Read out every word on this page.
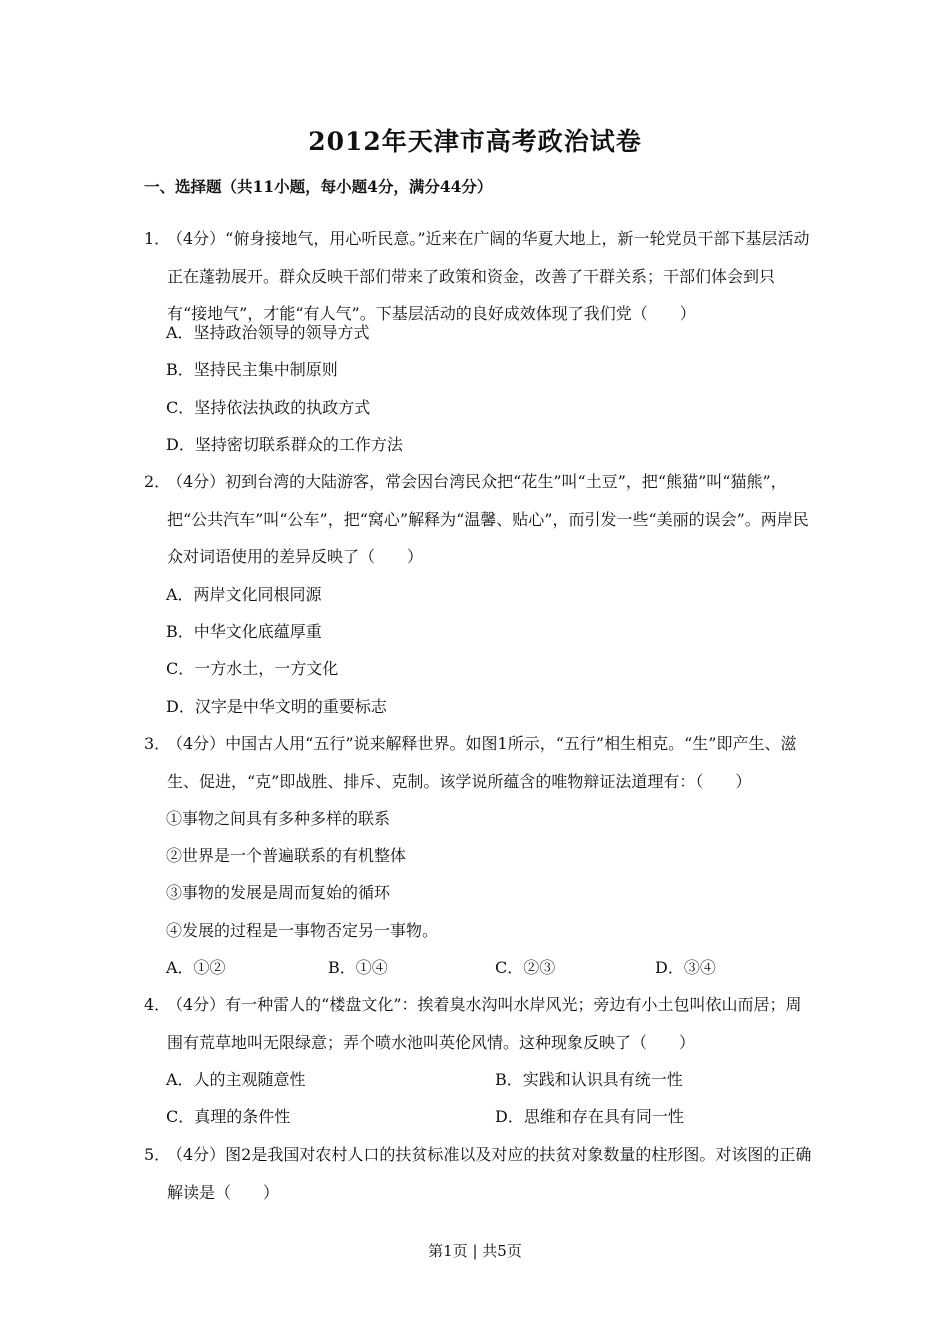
2012年天津市高考政治试卷
一、选择题（共11小题，每小题4分，满分44分）
1．
（4分）“俯身接地气，用心听民意。”近来在广阔的华夏大地上，新一轮党员干部下基层活动正在蓬勃展开。群众反映干部们带来了政策和资金，改善了干群关系；干部们体会到只有“接地气”，才能“有人气”。下基层活动的良好成效体现了我们党（　　）
A．坚持政治领导的领导方式
B．坚持民主集中制原则
C．坚持依法执政的执政方式
D．坚持密切联系群众的工作方法
2．
（4分）初到台湾的大陆游客，常会因台湾民众把“花生”叫“土豆”，把“熊猫”叫“猫熊”，把“公共汽车”叫“公车”，把“窝心”解释为“温馨、贴心”，而引发一些“美丽的误会”。两岸民众对词语使用的差异反映了（　　）
A．两岸文化同根同源
B．中华文化底蕴厚重
C．一方水土，一方文化
D．汉字是中华文明的重要标志
3．
（4分）中国古人用“五行”说来解释世界。如图1所示，“五行”相生相克。“生”即产生、滋生、促进，“克”即战胜、排斥、克制。该学说所蕴含的唯物辩证法道理有：（　　）
①事物之间具有多种多样的联系
②世界是一个普遍联系的有机整体
③事物的发展是周而复始的循环
④发展的过程是一事物否定另一事物。
A．①②	B．①④	C．②③	D．③④
4．
（4分）有一种雷人的“楼盘文化”：挨着臭水沟叫水岸风光；旁边有小土包叫依山而居；周围有荒草地叫无限绿意；弄个喷水池叫英伦风情。这种现象反映了（　　）
A．人的主观随意性	B．实践和认识具有统一性
C．真理的条件性	D．思维和存在具有同一性
5．
（4分）图2是我国对农村人口的扶贫标准以及对应的扶贫对象数量的柱形图。对该图的正确解读是（　　）
第1页 | 共5页
